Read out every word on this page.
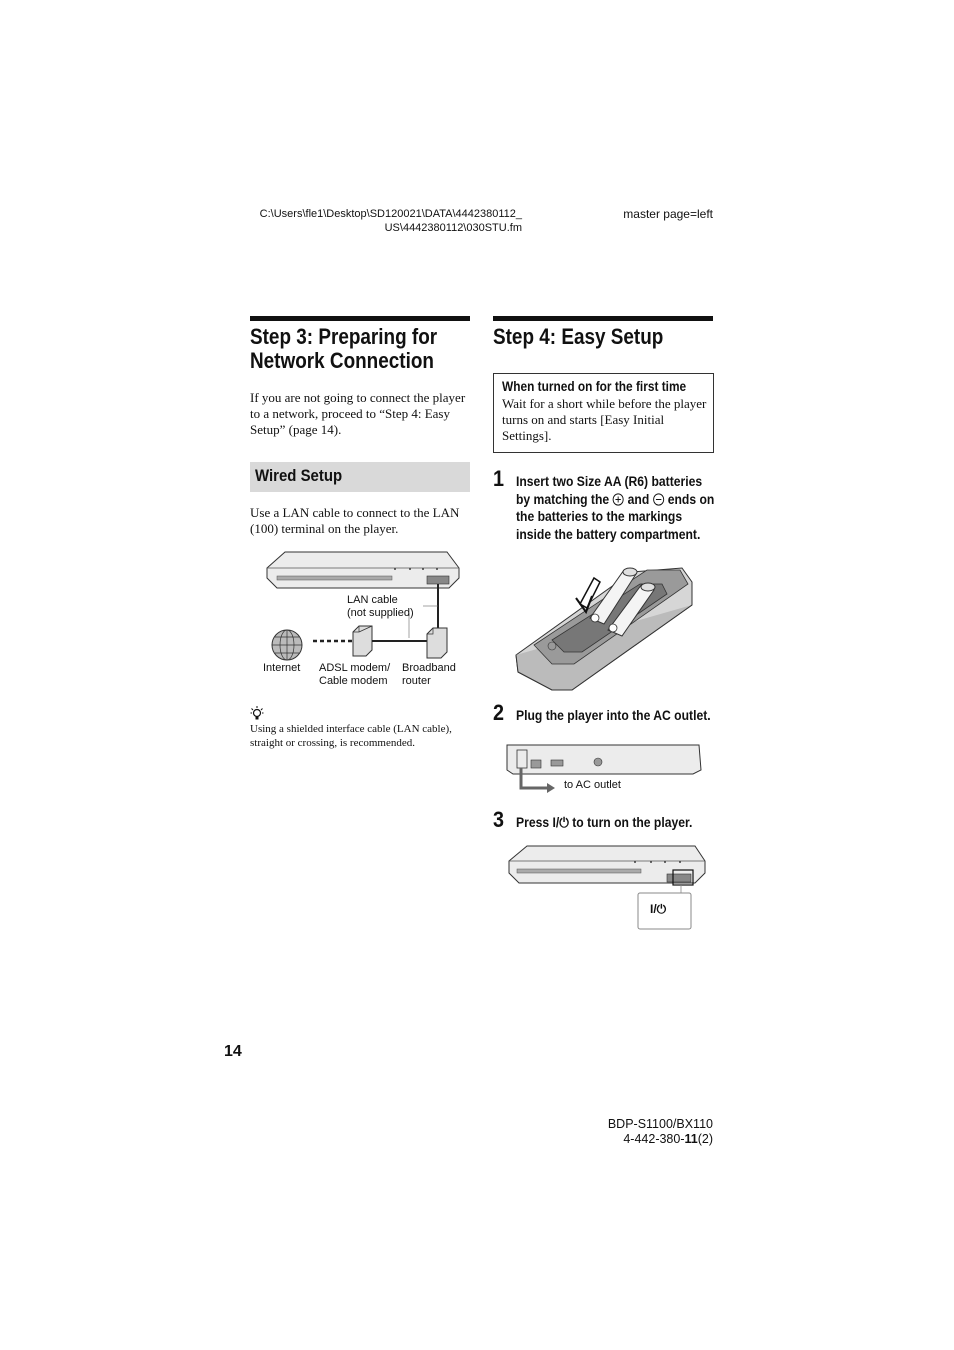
C:\Users\fle1\Desktop\SD120021\DATA\4442380112_
US\4442380112\030STU.fm
master page=left
Step 3: Preparing for
Network Connection
If you are not going to connect the player to a network, proceed to “Step 4: Easy Setup” (page 14).
Wired Setup
Use a LAN cable to connect to the LAN (100) terminal on the player.
LAN cable
(not supplied)
Internet ADSL modem/
Cable modem
Broadband
router
Using a shielded interface cable (LAN cable), straight or crossing, is recommended.
Step 4: Easy Setup
When turned on for the first time
Wait for a short while before the player turns on and starts [Easy Initial Settings].
1 Insert two Size AA (R6) batteries
by matching the and ends on
the batteries to the markings
inside the battery compartment.
2 Plug the player into the AC outlet.
to AC outlet
3 Press I/⏻ to turn on the player.
I/⏻
14
BDP-S1100/BX110
4-442-380-11(2)
